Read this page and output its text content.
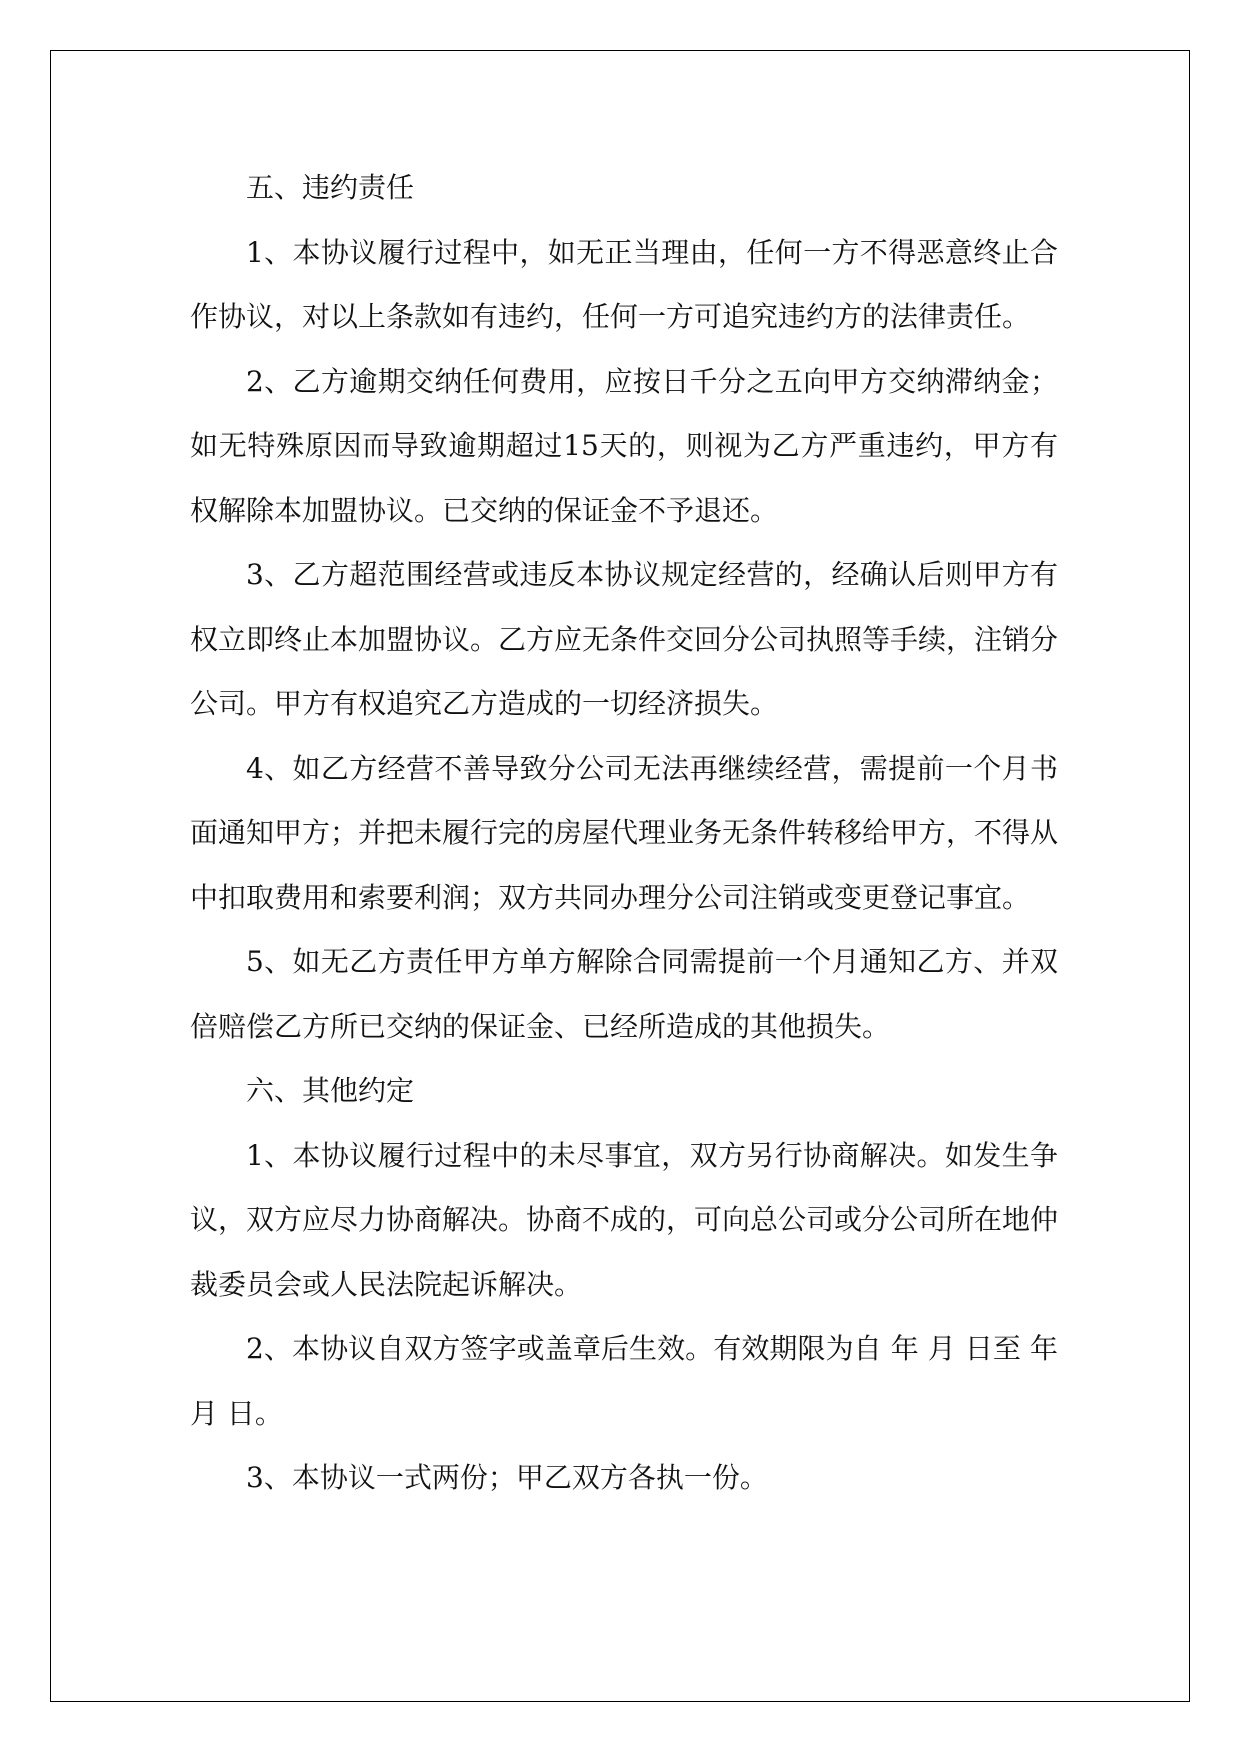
五、违约责任

1、本协议履行过程中，如无正当理由，任何一方不得恶意终止合作协议，对以上条款如有违约，任何一方可追究违约方的法律责任。

2、乙方逾期交纳任何费用，应按日千分之五向甲方交纳滞纳金；如无特殊原因而导致逾期超过15天的，则视为乙方严重违约，甲方有权解除本加盟协议。已交纳的保证金不予退还。

3、乙方超范围经营或违反本协议规定经营的，经确认后则甲方有权立即终止本加盟协议。乙方应无条件交回分公司执照等手续，注销分公司。甲方有权追究乙方造成的一切经济损失。

4、如乙方经营不善导致分公司无法再继续经营，需提前一个月书面通知甲方；并把未履行完的房屋代理业务无条件转移给甲方，不得从中扣取费用和索要利润；双方共同办理分公司注销或变更登记事宜。

5、如无乙方责任甲方单方解除合同需提前一个月通知乙方、并双倍赔偿乙方所已交纳的保证金、已经所造成的其他损失。

六、其他约定

1、本协议履行过程中的未尽事宜，双方另行协商解决。如发生争议，双方应尽力协商解决。协商不成的，可向总公司或分公司所在地仲裁委员会或人民法院起诉解决。

2、本协议自双方签字或盖章后生效。有效期限为自 年 月 日至 年 月 日。

3、本协议一式两份；甲乙双方各执一份。
